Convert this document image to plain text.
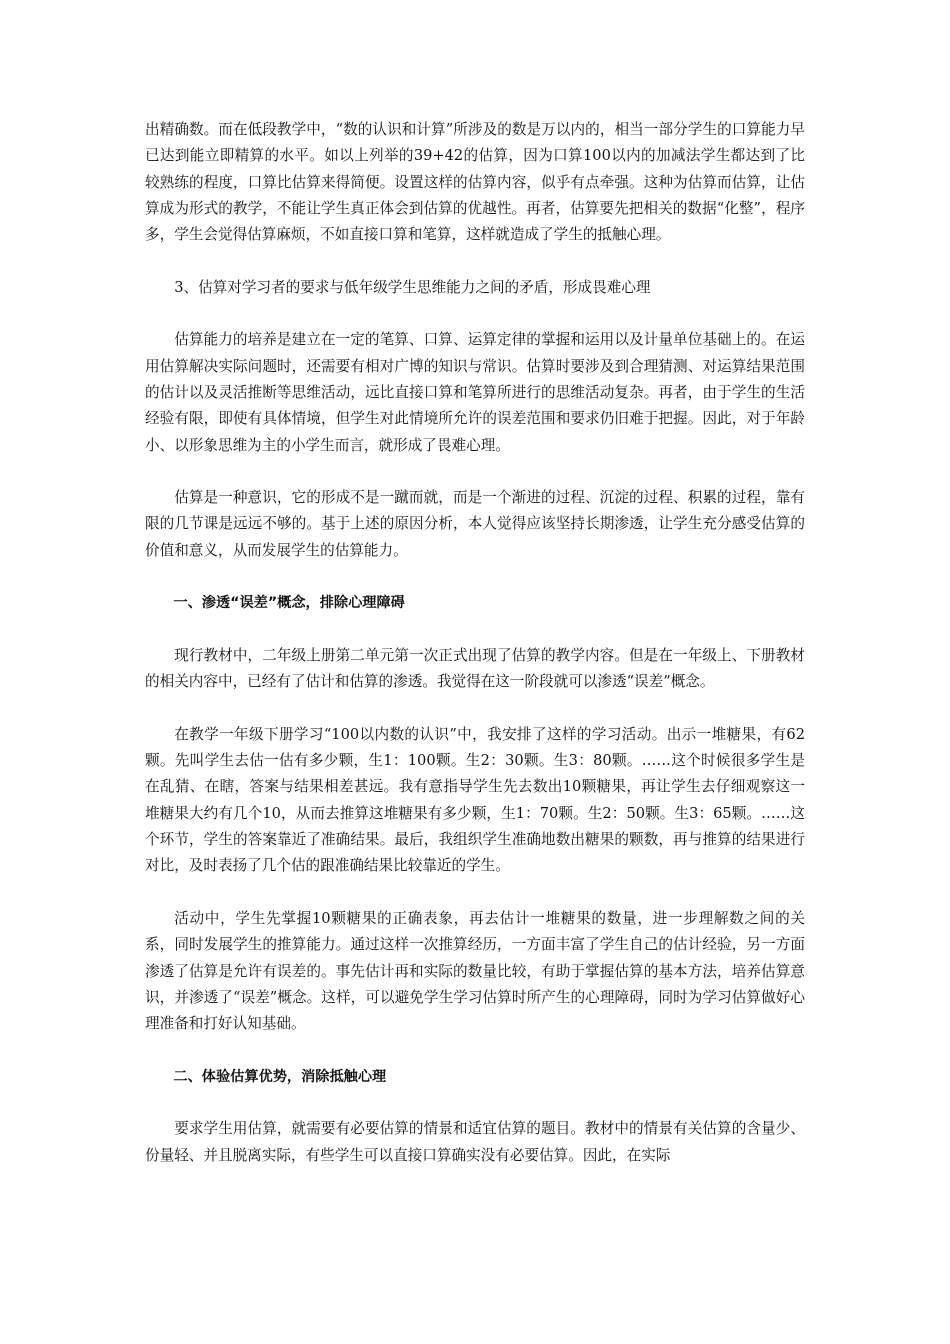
出精确数。而在低段教学中，“数的认识和计算”所涉及的数是万以内的，相当一部分学生的口算能力早已达到能立即精算的水平。如以上列举的39+42的估算，因为口算100以内的加减法学生都达到了比较熟练的程度，口算比估算来得简便。设置这样的估算内容，似乎有点牵强。这种为估算而估算，让估算成为形式的教学，不能让学生真正体会到估算的优越性。再者，估算要先把相关的数据“化整”，程序多，学生会觉得估算麻烦，不如直接口算和笔算，这样就造成了学生的抵触心理。

3、估算对学习者的要求与低年级学生思维能力之间的矛盾，形成畏难心理

估算能力的培养是建立在一定的笔算、口算、运算定律的掌握和运用以及计量单位基础上的。在运用估算解决实际问题时，还需要有相对广博的知识与常识。估算时要涉及到合理猜测、对运算结果范围的估计以及灵活推断等思维活动，远比直接口算和笔算所进行的思维活动复杂。再者，由于学生的生活经验有限，即使有具体情境，但学生对此情境所允许的误差范围和要求仍旧难于把握。因此，对于年龄小、以形象思维为主的小学生而言，就形成了畏难心理。

估算是一种意识，它的形成不是一蹴而就，而是一个渐进的过程、沉淀的过程、积累的过程，靠有限的几节课是远远不够的。基于上述的原因分析，本人觉得应该坚持长期渗透，让学生充分感受估算的价值和意义，从而发展学生的估算能力。

一、渗透“误差”概念，排除心理障碍

现行教材中，二年级上册第二单元第一次正式出现了估算的教学内容。但是在一年级上、下册教材的相关内容中，已经有了估计和估算的渗透。我觉得在这一阶段就可以渗透“误差”概念。

在教学一年级下册学习“100以内数的认识”中，我安排了这样的学习活动。出示一堆糖果，有62颗。先叫学生去估一估有多少颗，生1：100颗。生2：30颗。生3：80颗。……这个时候很多学生是在乱猜、在瞎，答案与结果相差甚远。我有意指导学生先去数出10颗糖果，再让学生去仔细观察这一堆糖果大约有几个10，从而去推算这堆糖果有多少颗，生1：70颗。生2：50颗。生3：65颗。……这个环节，学生的答案靠近了准确结果。最后，我组织学生准确地数出糖果的颗数，再与推算的结果进行对比，及时表扬了几个估的跟准确结果比较靠近的学生。

活动中，学生先掌握10颗糖果的正确表象，再去估计一堆糖果的数量，进一步理解数之间的关系，同时发展学生的推算能力。通过这样一次推算经历，一方面丰富了学生自己的估计经验，另一方面渗透了估算是允许有误差的。事先估计再和实际的数量比较，有助于掌握估算的基本方法，培养估算意识，并渗透了“误差”概念。这样，可以避免学生学习估算时所产生的心理障碍，同时为学习估算做好心理准备和打好认知基础。

二、体验估算优势，消除抵触心理

要求学生用估算，就需要有必要估算的情景和适宜估算的题目。教材中的情景有关估算的含量少、份量轻、并且脱离实际，有些学生可以直接口算确实没有必要估算。因此，在实际
